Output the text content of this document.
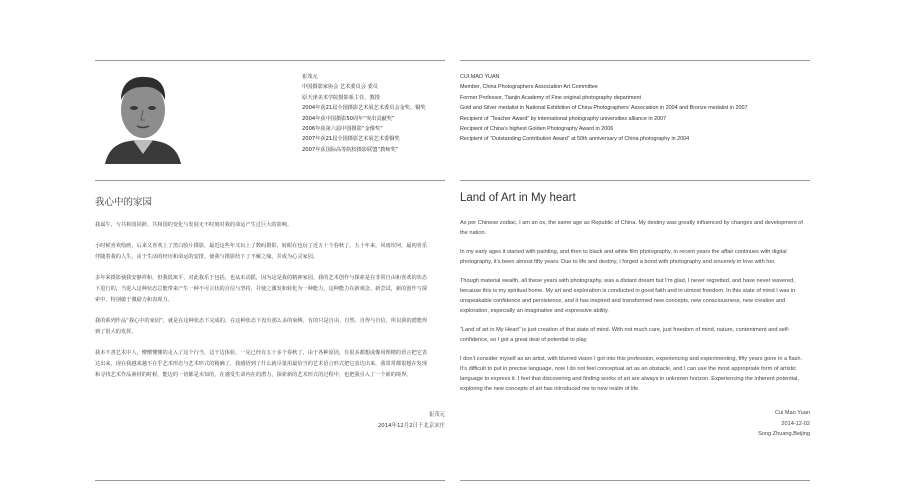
崔茂元
中国摄影家协会 艺术委员会 委员
原天津美术学院摄影系主任，教授
2004年获21届全国摄影艺术展艺术委员会金奖、铜奖
2004年获中国摄影50周年“突出贡献奖”
2006年获第六届中国摄影“金像奖”
2007年获21届全国摄影艺术展艺术委铜奖
2007年获国际高等院校摄影联盟“教师奖”
我心中的家园

我属牛，与共和国同龄。共和国的变化与发展无不时刻对我的命运产生过巨大的影响。

小时候喜欢绘画，后来又喜欢上了黑白胶片摄影，最近这些年又玩上了数码摄影，转眼在也玩了近五十个春秋了。五十年来，风雨坎坷，最初喜乐伴随着我的人生，由于生活的经历和命运的安排，使我与摄影结下了不解之缘，并成为心灵家园。

多年来摄影使我安静祥和，但我很寓平，对此我乐于包括，也从未动摇，因为这是我的精神家园。我的艺术创作与探索是在非常自由和喜欢的状态下进行的，当进入这种状态总能带来产生一种不可言状的自信与坚持，并使之激发和转化为一种能力，这种能力在新观念、新尝试，新的创作与探索中，特别敏于激励力和表现力。

我的系列作品“我心中的家园”，就是在这种状态下完成的，在这种状态下没有那么多的束缚，有的只是自由、自然、自得与自信，所以我的潜能得到了很大的发挥。

我本不善艺术中人，懵懵懂懂的走入了这个行当。边干边体验，一晃已经有五十多个春秋了，由于各种原因，有很多都想或像用理精的语言把它表达出来，现在我越来越不在乎艺术形态与艺术形式的精确了，我感悟到了什么就尽量用最恰当的艺术语言形式把它表达出来，我常常都很想在发现和寻找艺术作品素材的时候，能边的一切都是未知的，在感受生命内在的潜力，探索新的艺术形式的过程中，也把我引入了一个新的境界。

崔茂元
2014年12月2日于北京宋庄
CUI MAO YUAN
Member, China Photographers Association Art Committee
Former Professor, Tianjin Academy of Fine original photography department
Gold and Silver medalist in National Exhibition of China Photographers’ Association in 2004 and Bronze medalist in 2007
Recipient of “Teacher Award” by international photography universities alliance in 2007
Recipient of China’s highest Golden Photography Award in 2006
Recipient of “Outstanding Contribution Award” at 50th anniversary of China photography in 2004
Land of Art in My heart

As per Chinese zodiac, I am an ox, the same age as Republic of China. My destiny was greatly influenced by changes and development of the nation.

In my early ages it started with painting, and then to black and white film photography, in recent years the affair continues with digital photography, it’s been almost fifty years. Due to life and destiny, I forged a bond with photography and sincerely in love with her.

Though material wealth, all these years with photography, was a distant dream but I’m glad, I never regretted, and have never wavered, because this is my spiritual home. My art and exploration is conducted in good faith and in utmost freedom. In this state of mind I was in unspeakable confidence and persistence, and it has inspired and transformed new concepts, new consciousness, new creation and exploration, especially an imaginative and expressive ability.

“Land of art in My Heart” is just creation of that state of mind. With not much care, just freedom of mind, nature, contentment and self-confidence, so I got a great deal of potential to play.

I don’t consider myself as an artist, with blurred vision I got into this profession, experiencing and experimenting, fifty years gone in a flash. It’s difficult to put in precise language, now I do not feel conceptual art as an obstacle, and I can use the most appropriate form of artistic language to express it. I feel that discovering and finding works of art are always in unknown horizon. Experiencing the inherent potential, exploring the new concepts of art has introduced me to new realm of life.

Cui Mao Yuan
2014-12-02
Song Zhuang,Beijing
